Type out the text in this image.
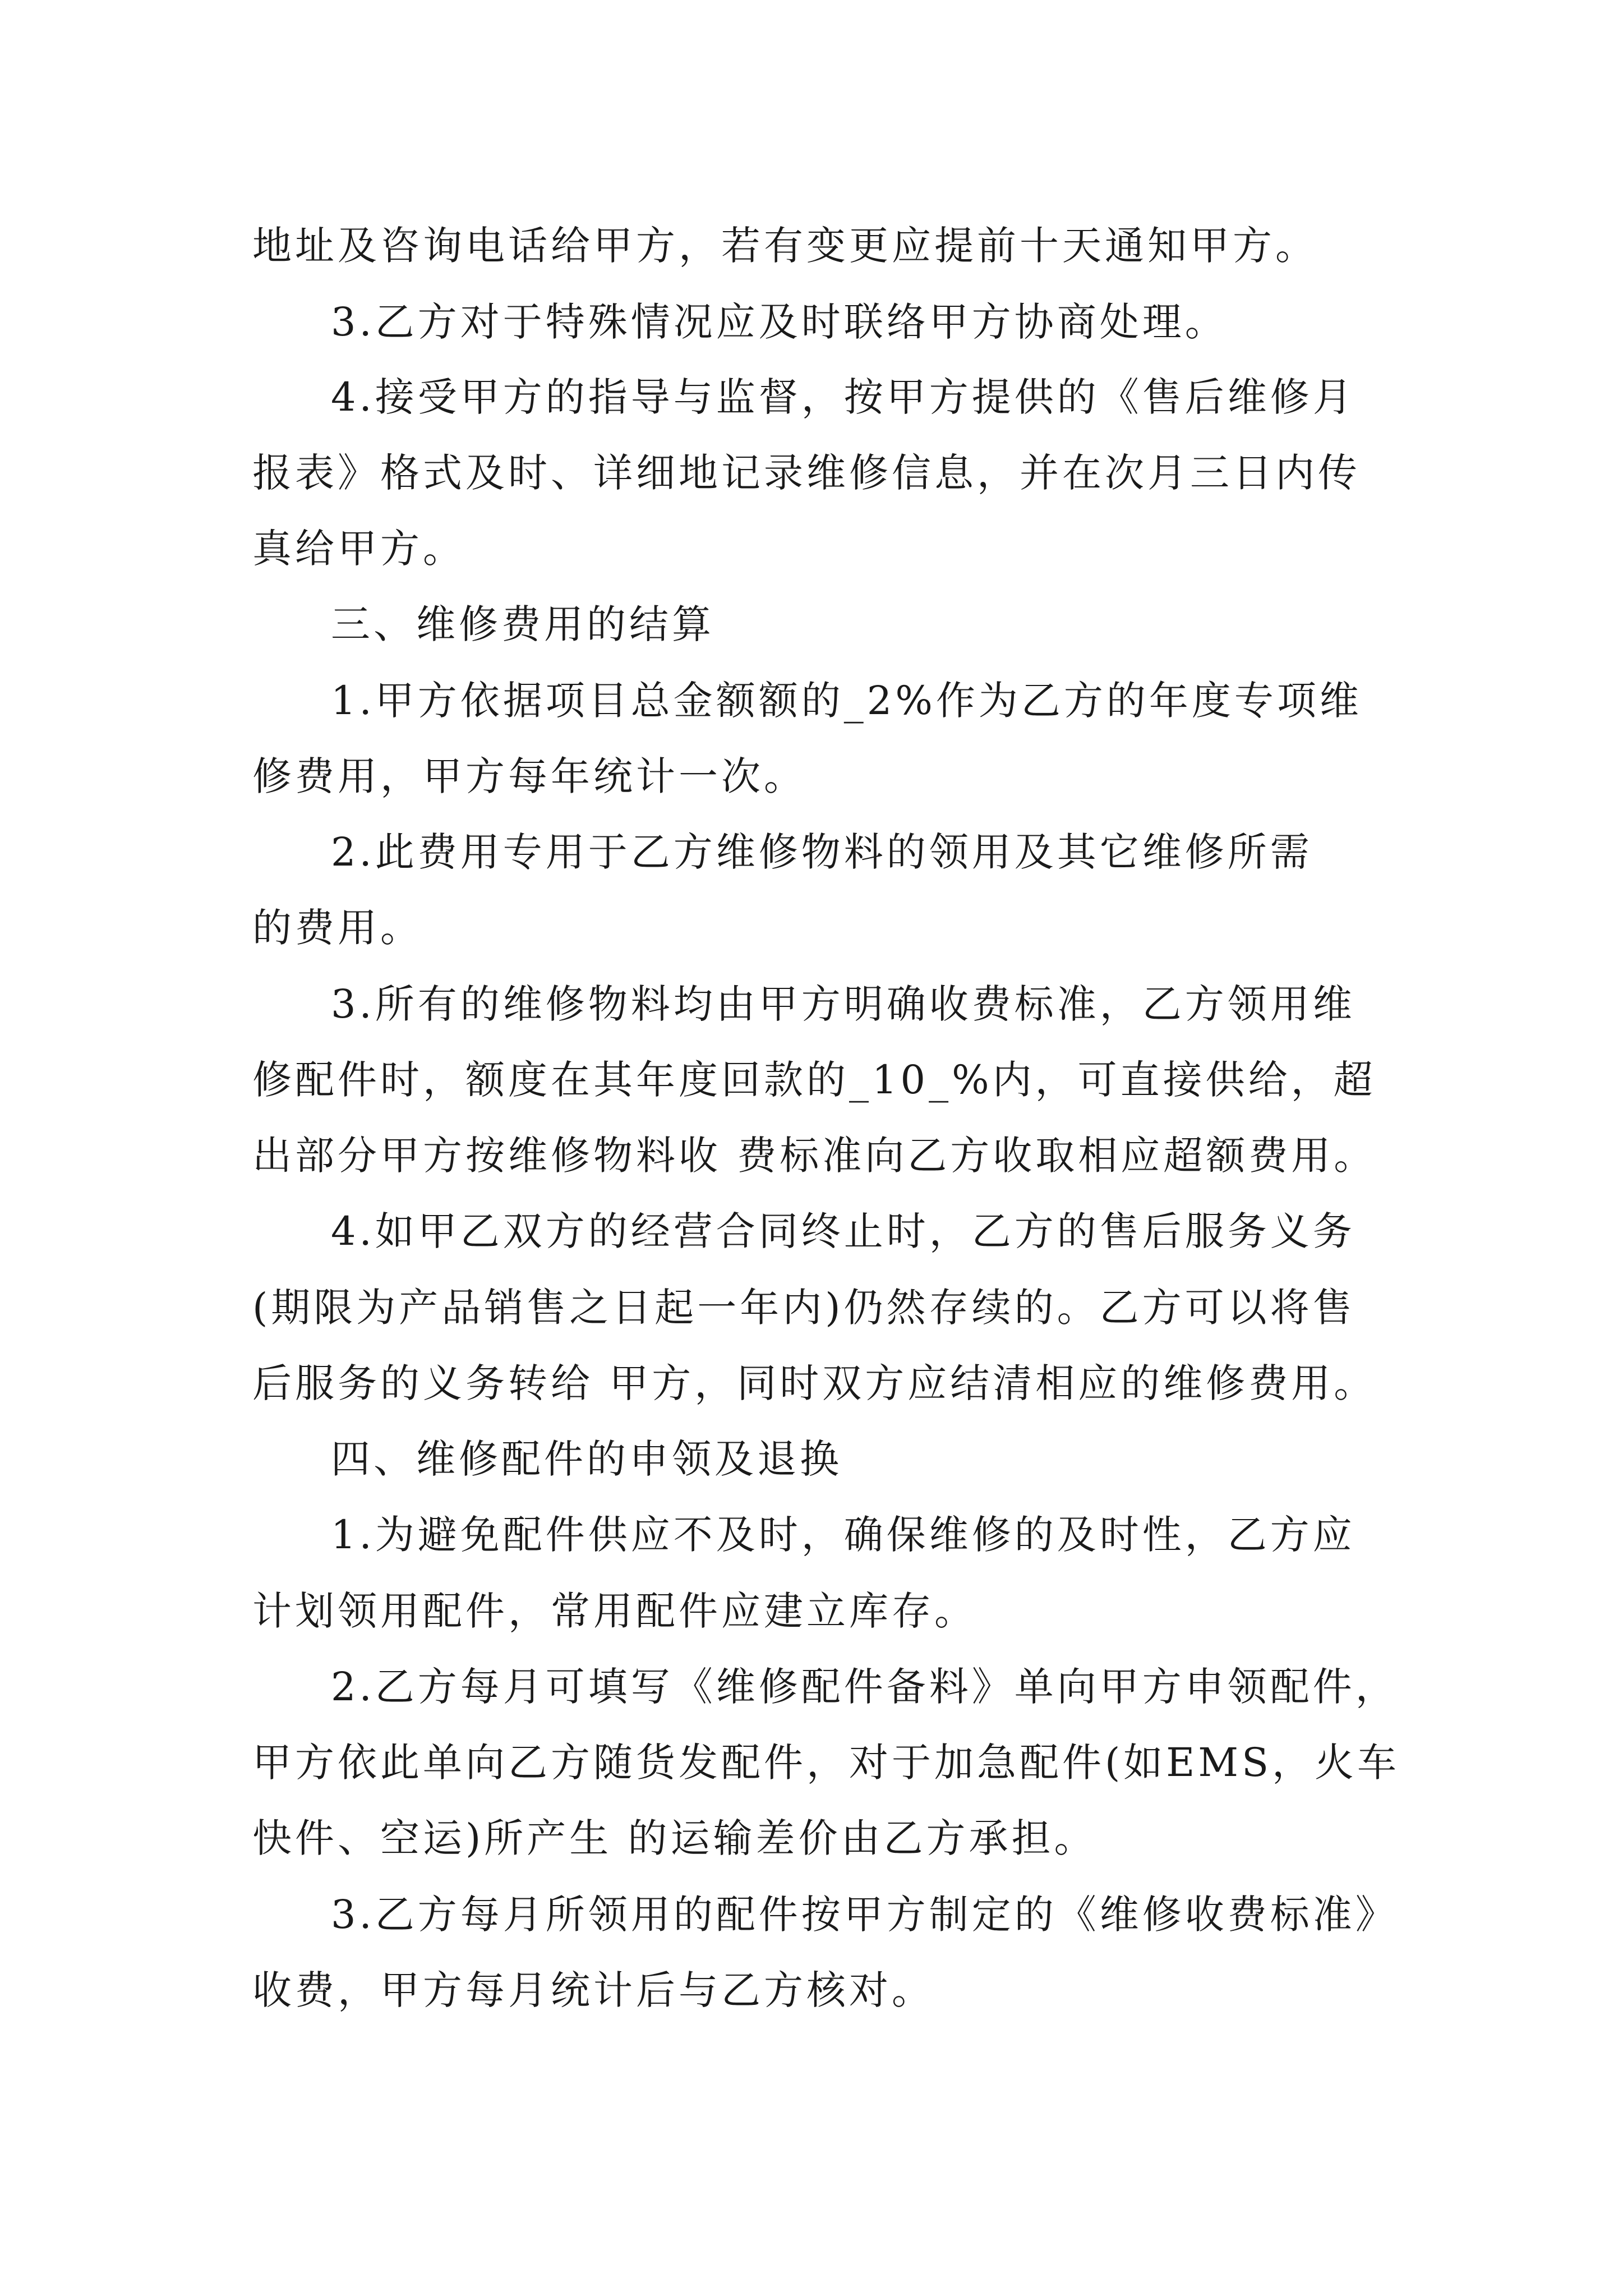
地址及咨询电话给甲方，若有变更应提前十天通知甲方。
3.乙方对于特殊情况应及时联络甲方协商处理。
4.接受甲方的指导与监督，按甲方提供的《售后维修月
报表》格式及时、详细地记录维修信息，并在次月三日内传
真给甲方。
三、维修费用的结算
1.甲方依据项目总金额额的_2%作为乙方的年度专项维
修费用，甲方每年统计一次。
2.此费用专用于乙方维修物料的领用及其它维修所需
的费用。
3.所有的维修物料均由甲方明确收费标准，乙方领用维
修配件时，额度在其年度回款的_10_%内，可直接供给，超
出部分甲方按维修物料收 费标准向乙方收取相应超额费用。
4.如甲乙双方的经营合同终止时，乙方的售后服务义务
(期限为产品销售之日起一年内)仍然存续的。乙方可以将售
后服务的义务转给 甲方，同时双方应结清相应的维修费用。
四、维修配件的申领及退换
1.为避免配件供应不及时，确保维修的及时性，乙方应
计划领用配件，常用配件应建立库存。
2.乙方每月可填写《维修配件备料》单向甲方申领配件，
甲方依此单向乙方随货发配件，对于加急配件(如EMS，火车
快件、空运)所产生 的运输差价由乙方承担。
3.乙方每月所领用的配件按甲方制定的《维修收费标准》
收费，甲方每月统计后与乙方核对。
